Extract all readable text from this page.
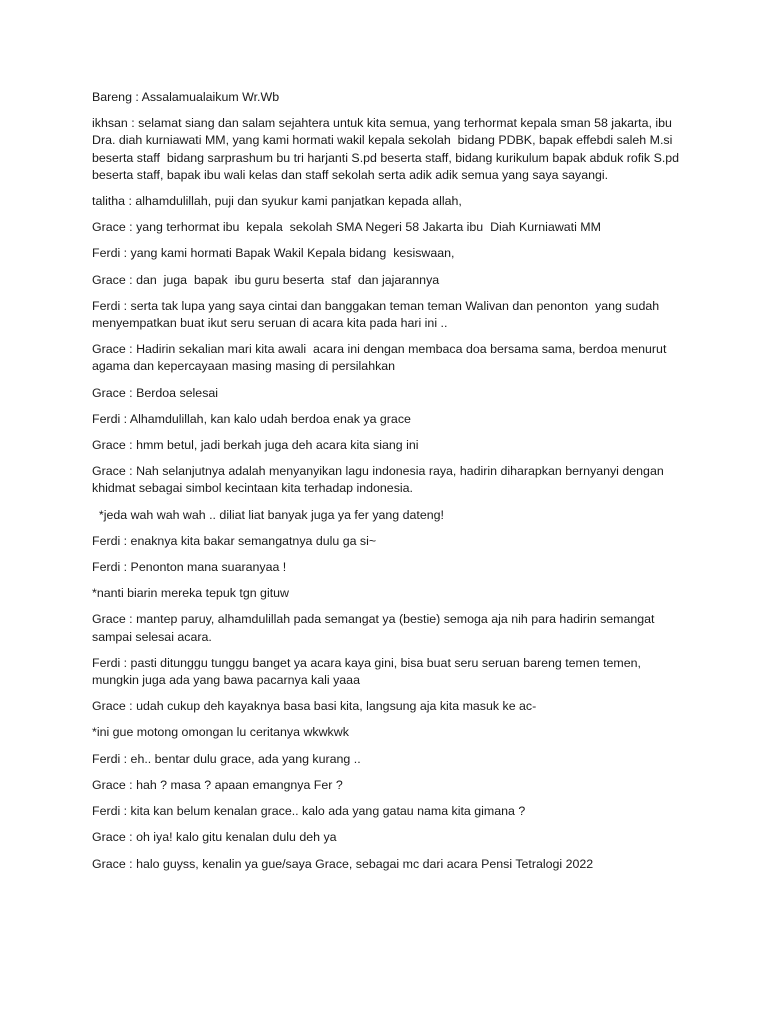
Bareng : Assalamualaikum Wr.Wb

ikhsan : selamat siang dan salam sejahtera untuk kita semua, yang terhormat kepala sman 58 jakarta, ibu Dra. diah kurniawati MM, yang kami hormati wakil kepala sekolah  bidang PDBK, bapak effebdi saleh M.si beserta staff  bidang sarprashum bu tri harjanti S.pd beserta staff, bidang kurikulum bapak abduk rofik S.pd beserta staff, bapak ibu wali kelas dan staff sekolah serta adik adik semua yang saya sayangi.

talitha : alhamdulillah, puji dan syukur kami panjatkan kepada allah,

Grace : yang terhormat ibu  kepala  sekolah SMA Negeri 58 Jakarta ibu  Diah Kurniawati MM

Ferdi : yang kami hormati Bapak Wakil Kepala bidang  kesiswaan,

Grace : dan  juga  bapak  ibu guru beserta  staf  dan jajarannya

Ferdi : serta tak lupa yang saya cintai dan banggakan teman teman Walivan dan penonton  yang sudah menyempatkan buat ikut seru seruan di acara kita pada hari ini ..

Grace : Hadirin sekalian mari kita awali  acara ini dengan membaca doa bersama sama, berdoa menurut agama dan kepercayaan masing masing di persilahkan

Grace : Berdoa selesai

Ferdi : Alhamdulillah, kan kalo udah berdoa enak ya grace

Grace : hmm betul, jadi berkah juga deh acara kita siang ini

Grace : Nah selanjutnya adalah menyanyikan lagu indonesia raya, hadirin diharapkan bernyanyi dengan khidmat sebagai simbol kecintaan kita terhadap indonesia.

*jeda wah wah wah .. diliat liat banyak juga ya fer yang dateng!

Ferdi : enaknya kita bakar semangatnya dulu ga si~

Ferdi : Penonton mana suaranyaa !

*nanti biarin mereka tepuk tgn gituw

Grace : mantep paruy, alhamdulillah pada semangat ya (bestie) semoga aja nih para hadirin semangat sampai selesai acara.

Ferdi : pasti ditunggu tunggu banget ya acara kaya gini, bisa buat seru seruan bareng temen temen, mungkin juga ada yang bawa pacarnya kali yaaa

Grace : udah cukup deh kayaknya basa basi kita, langsung aja kita masuk ke ac-

*ini gue motong omongan lu ceritanya wkwkwk

Ferdi : eh.. bentar dulu grace, ada yang kurang ..

Grace : hah ? masa ? apaan emangnya Fer ?

Ferdi : kita kan belum kenalan grace.. kalo ada yang gatau nama kita gimana ?

Grace : oh iya! kalo gitu kenalan dulu deh ya

Grace : halo guyss, kenalin ya gue/saya Grace, sebagai mc dari acara Pensi Tetralogi 2022
